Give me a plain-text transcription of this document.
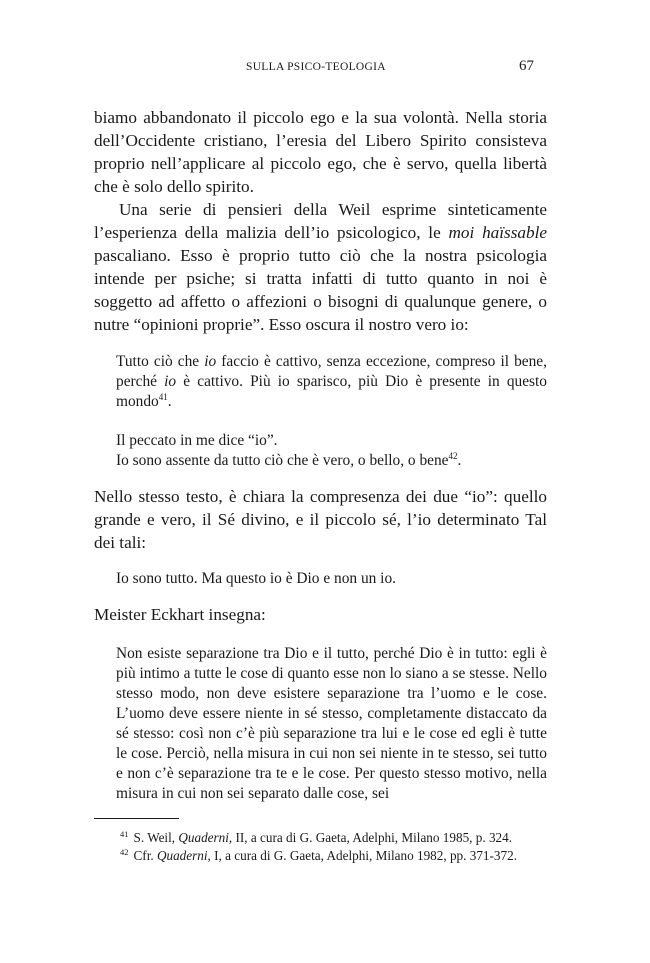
SULLA PSICO-TEOLOGIA	67

biamo abbandonato il piccolo ego e la sua volontà. Nella storia dell’Occidente cristiano, l’eresia del Libero Spirito consisteva proprio nell’applicare al piccolo ego, che è servo, quella libertà che è solo dello spirito.

Una serie di pensieri della Weil esprime sinteticamente l’esperienza della malizia dell’io psicologico, le moi haïssable pascaliano. Esso è proprio tutto ciò che la nostra psicologia intende per psiche; si tratta infatti di tutto quanto in noi è soggetto ad affetto o affezioni o bisogni di qualunque genere, o nutre “opinioni proprie”. Esso oscura il nostro vero io:

Tutto ciò che io faccio è cattivo, senza eccezione, compreso il bene, perché io è cattivo. Più io sparisco, più Dio è presente in questo mondo$^{41}$.

Il peccato in me dice “io”.

Io sono assente da tutto ciò che è vero, o bello, o bene$^{42}$.

Nello stesso testo, è chiara la compresenza dei due “io”: quello grande e vero, il Sé divino, e il piccolo sé, l’io determinato Tal dei tali:

Io sono tutto. Ma questo io è Dio e non un io.

Meister Eckhart insegna:

Non esiste separazione tra Dio e il tutto, perché Dio è in tutto: egli è più intimo a tutte le cose di quanto esse non lo siano a se stesse. Nello stesso modo, non deve esistere separazione tra l’uomo e le cose. L’uomo deve essere niente in sé stesso, completamente distaccato da sé stesso: così non c’è più separazione tra lui e le cose ed egli è tutte le cose. Perciò, nella misura in cui non sei niente in te stesso, sei tutto e non c’è separazione tra te e le cose. Per questo stesso motivo, nella misura in cui non sei separato dalle cose, sei

$^{41}$ S. Weil, Quaderni, II, a cura di G. Gaeta, Adelphi, Milano 1985, p. 324.

$^{42}$ Cfr. Quaderni, I, a cura di G. Gaeta, Adelphi, Milano 1982, pp. 371-372.
